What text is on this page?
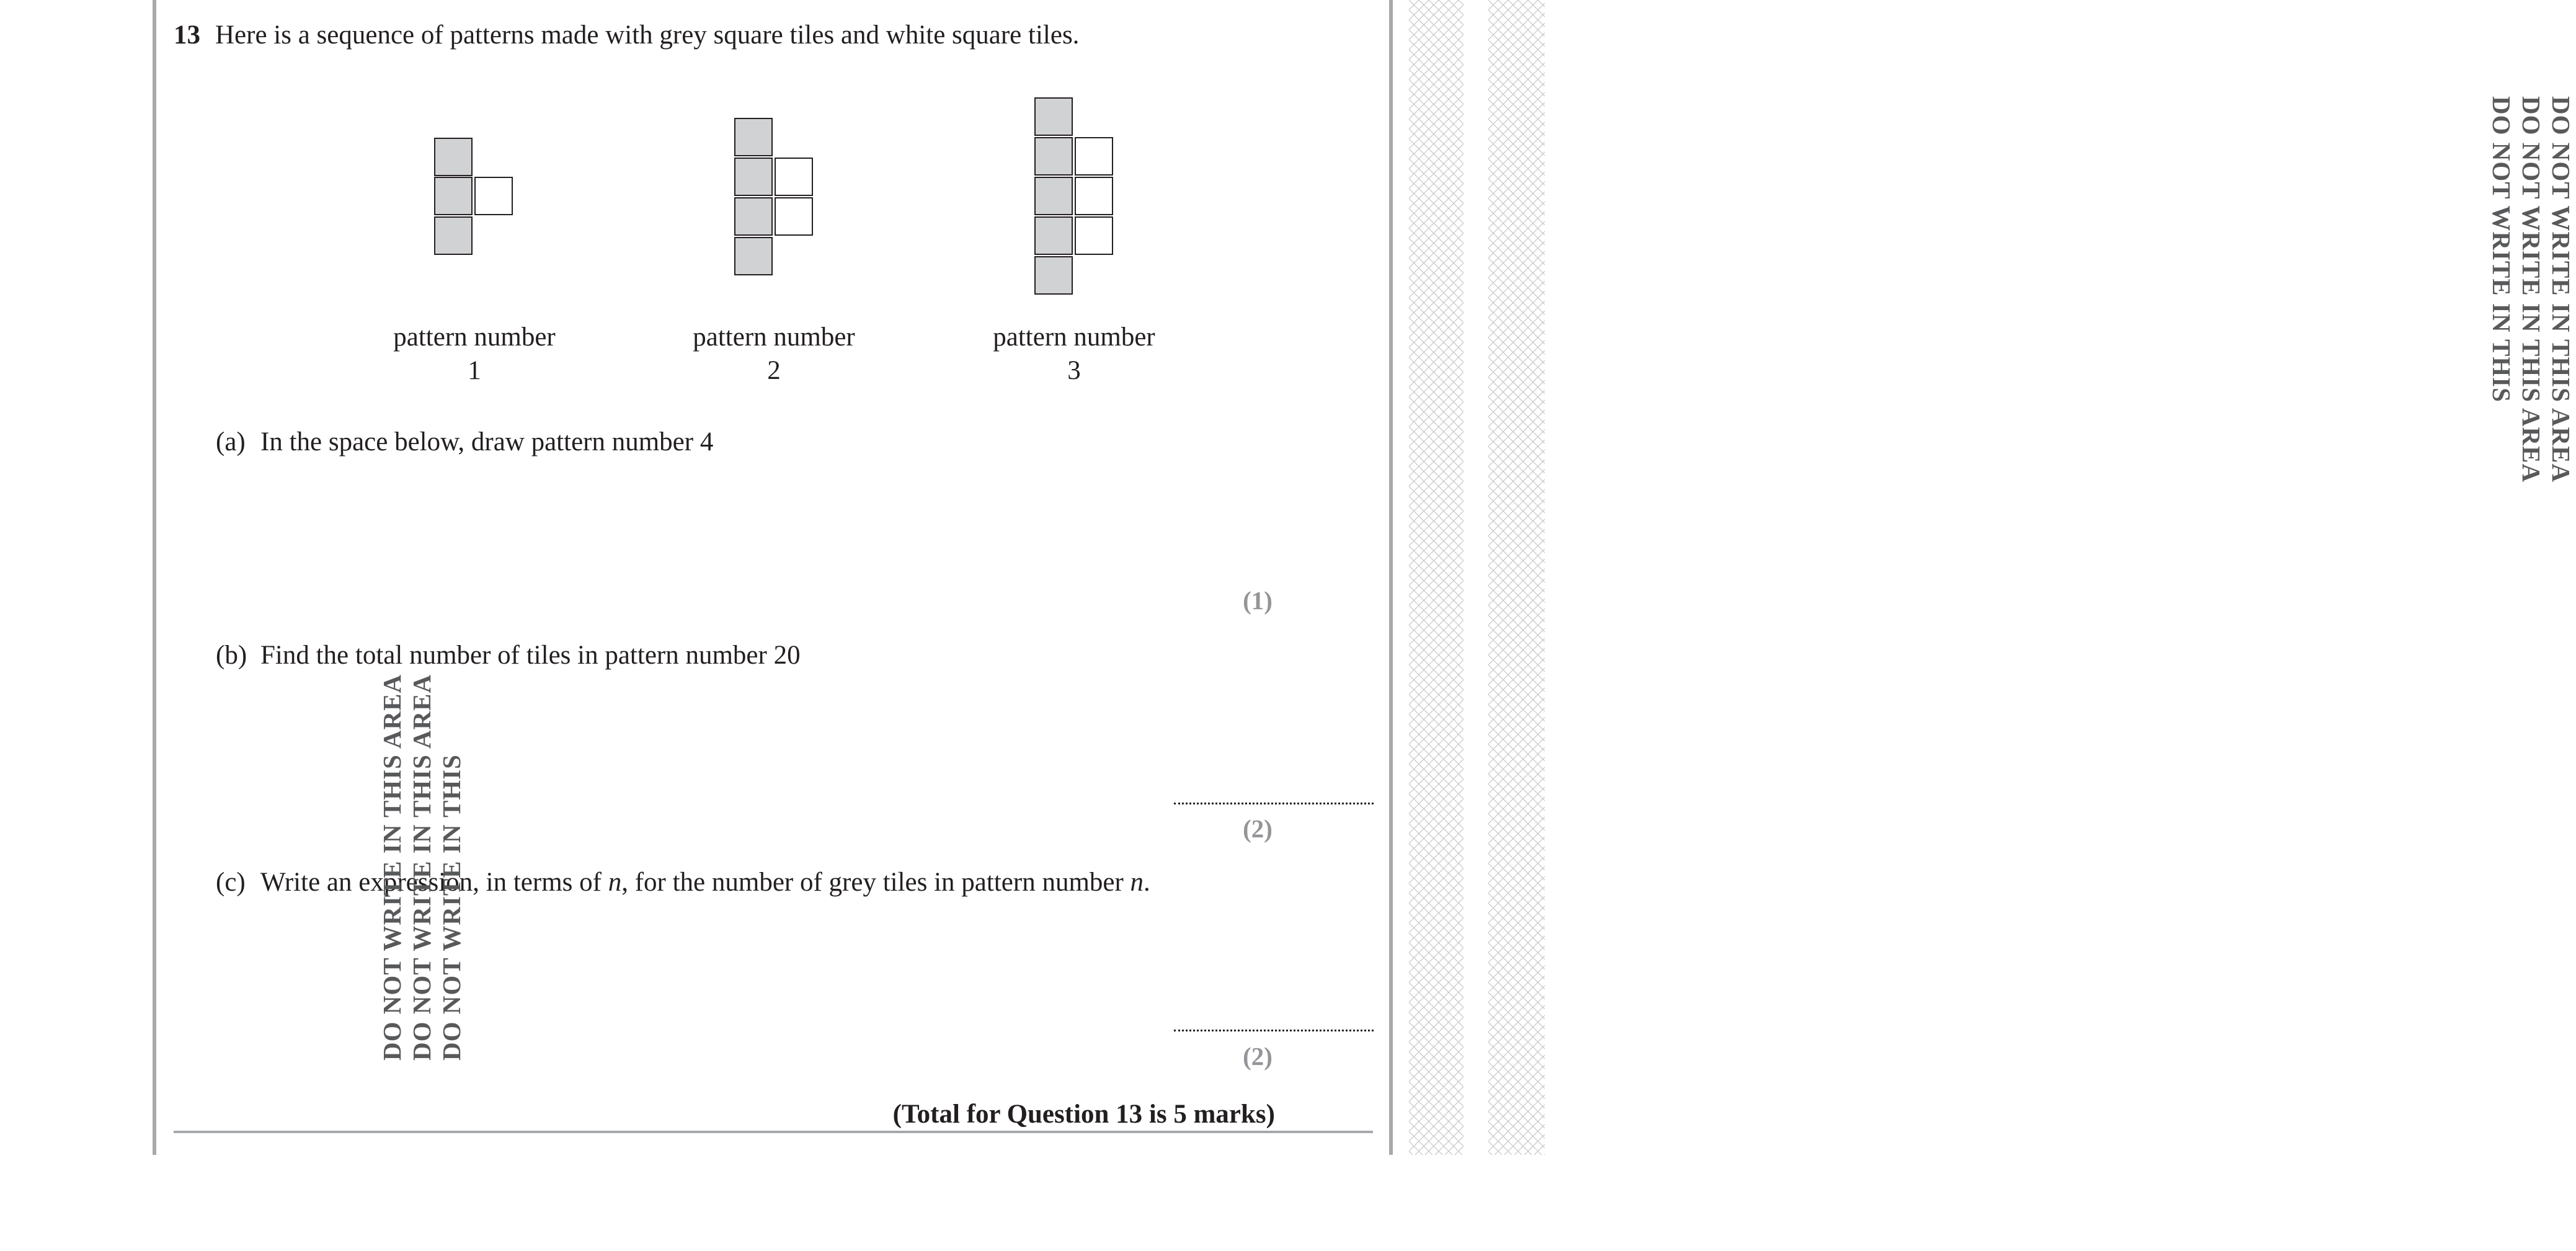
13 Here is a sequence of patterns made with grey square tiles and white square tiles.
pattern number
1
pattern number
2
pattern number
3
(a) In the space below, draw pattern number 4
(1)
(b) Find the total number of tiles in pattern number 20
(2)
(c) Write an expression, in terms of n, for the number of grey tiles in pattern number n.
(2)
(Total for Question 13 is 5 marks)
DO NOT WRITE IN THIS AREA
DO NOT WRITE IN THIS AREA
DO NOT WRITE IN THIS
DO NOT WRITE IN THIS AREA DO NOT WRITE IN THIS AREA DO NOT WRITE IN THIS
